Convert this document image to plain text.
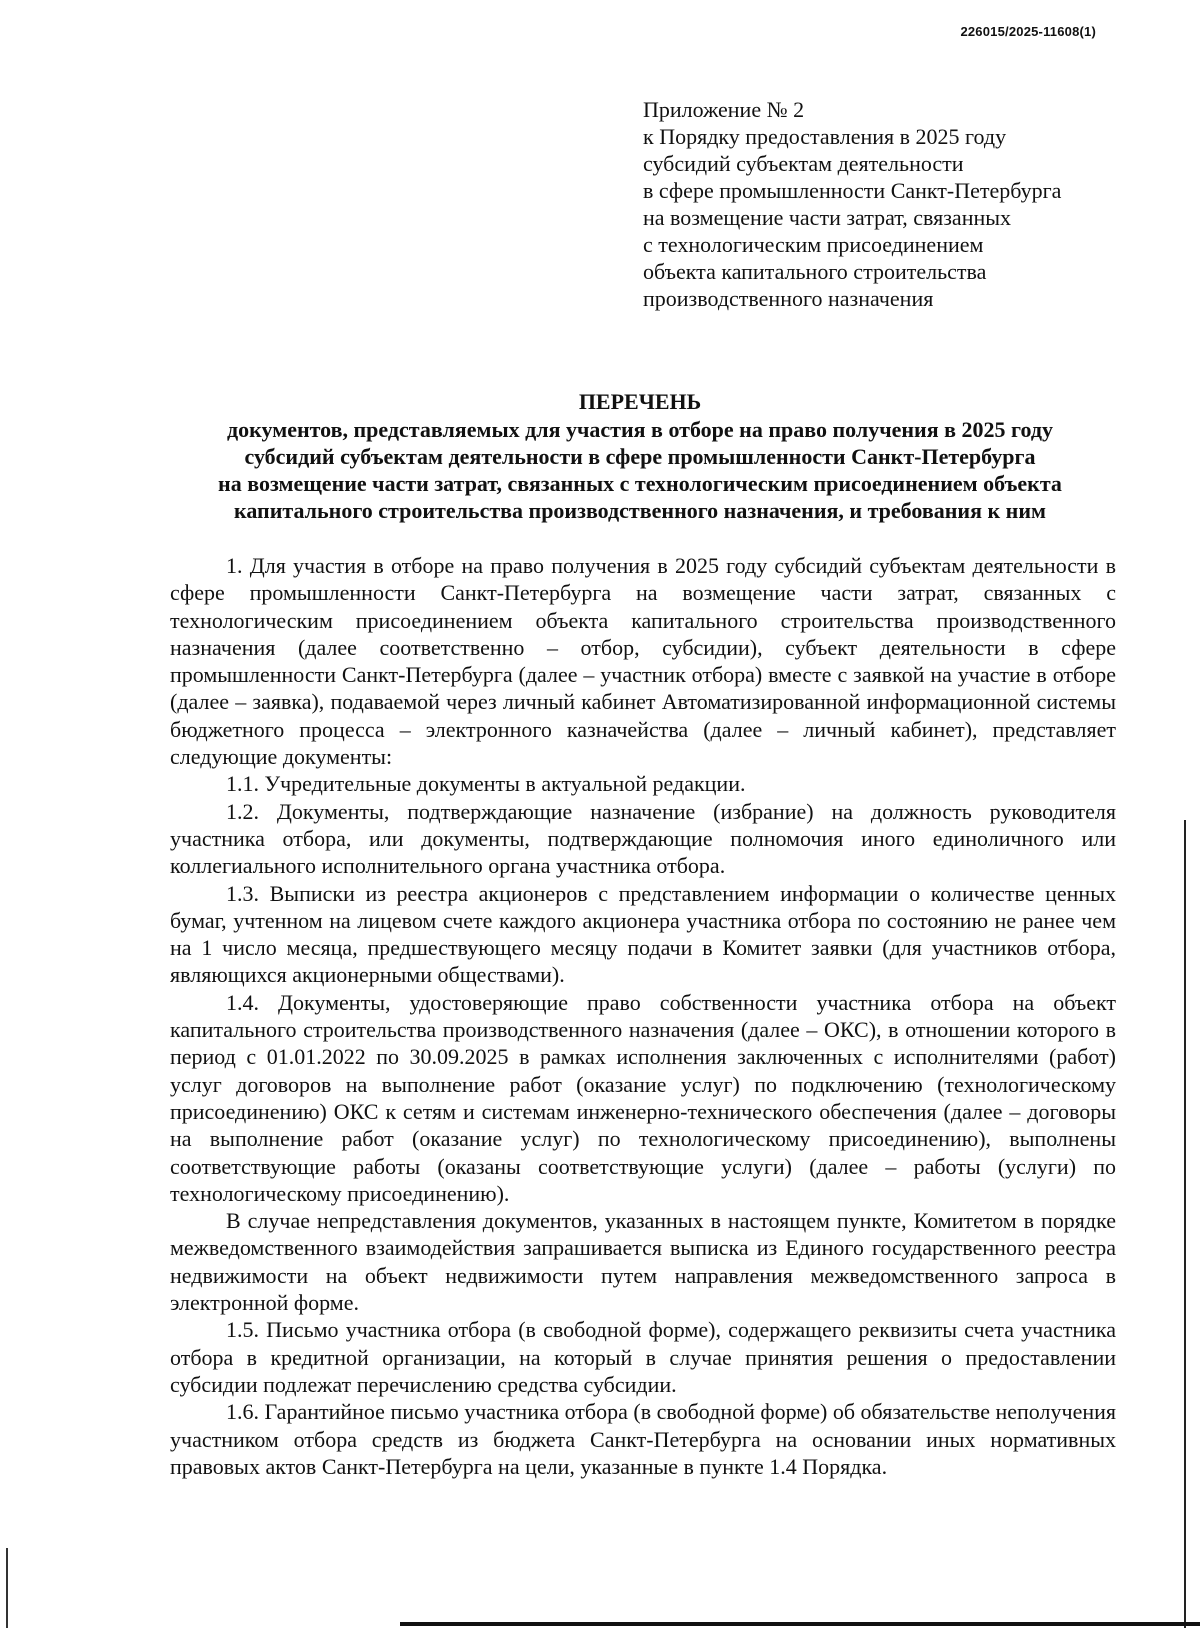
226015/2025-11608(1)
Приложение № 2
к Порядку предоставления в 2025 году
субсидий субъектам деятельности
в сфере промышленности Санкт-Петербурга
на возмещение части затрат, связанных
с технологическим присоединением
объекта капитального строительства
производственного назначения
ПЕРЕЧЕНЬ
документов, представляемых для участия в отборе на право получения в 2025 году
субсидий субъектам деятельности в сфере промышленности Санкт-Петербурга
на возмещение части затрат, связанных с технологическим присоединением объекта
капитального строительства производственного назначения, и требования к ним

1. Для участия в отборе на право получения в 2025 году субсидий субъектам деятельности в сфере промышленности Санкт-Петербурга на возмещение части затрат, связанных с технологическим присоединением объекта капитального строительства производственного назначения (далее соответственно – отбор, субсидии), субъект деятельности в сфере промышленности Санкт-Петербурга (далее – участник отбора) вместе с заявкой на участие в отборе (далее – заявка), подаваемой через личный кабинет Автоматизированной информационной системы бюджетного процесса – электронного казначейства (далее – личный кабинет), представляет следующие документы:

1.1. Учредительные документы в актуальной редакции.

1.2. Документы, подтверждающие назначение (избрание) на должность руководителя участника отбора, или документы, подтверждающие полномочия иного единоличного или коллегиального исполнительного органа участника отбора.

1.3. Выписки из реестра акционеров с представлением информации о количестве ценных бумаг, учтенном на лицевом счете каждого акционера участника отбора по состоянию не ранее чем на 1 число месяца, предшествующего месяцу подачи в Комитет заявки (для участников отбора, являющихся акционерными обществами).

1.4. Документы, удостоверяющие право собственности участника отбора на объект капитального строительства производственного назначения (далее – ОКС), в отношении которого в период с 01.01.2022 по 30.09.2025 в рамках исполнения заключенных с исполнителями (работ) услуг договоров на выполнение работ (оказание услуг) по подключению (технологическому присоединению) ОКС к сетям и системам инженерно-технического обеспечения (далее – договоры на выполнение работ (оказание услуг) по технологическому присоединению), выполнены соответствующие работы (оказаны соответствующие услуги) (далее – работы (услуги) по технологическому присоединению).

В случае непредставления документов, указанных в настоящем пункте, Комитетом в порядке межведомственного взаимодействия запрашивается выписка из Единого государственного реестра недвижимости на объект недвижимости путем направления межведомственного запроса в электронной форме.

1.5. Письмо участника отбора (в свободной форме), содержащего реквизиты счета участника отбора в кредитной организации, на который в случае принятия решения о предоставлении субсидии подлежат перечислению средства субсидии.

1.6. Гарантийное письмо участника отбора (в свободной форме) об обязательстве неполучения участником отбора средств из бюджета Санкт-Петербурга на основании иных нормативных правовых актов Санкт-Петербурга на цели, указанные в пункте 1.4 Порядка.
